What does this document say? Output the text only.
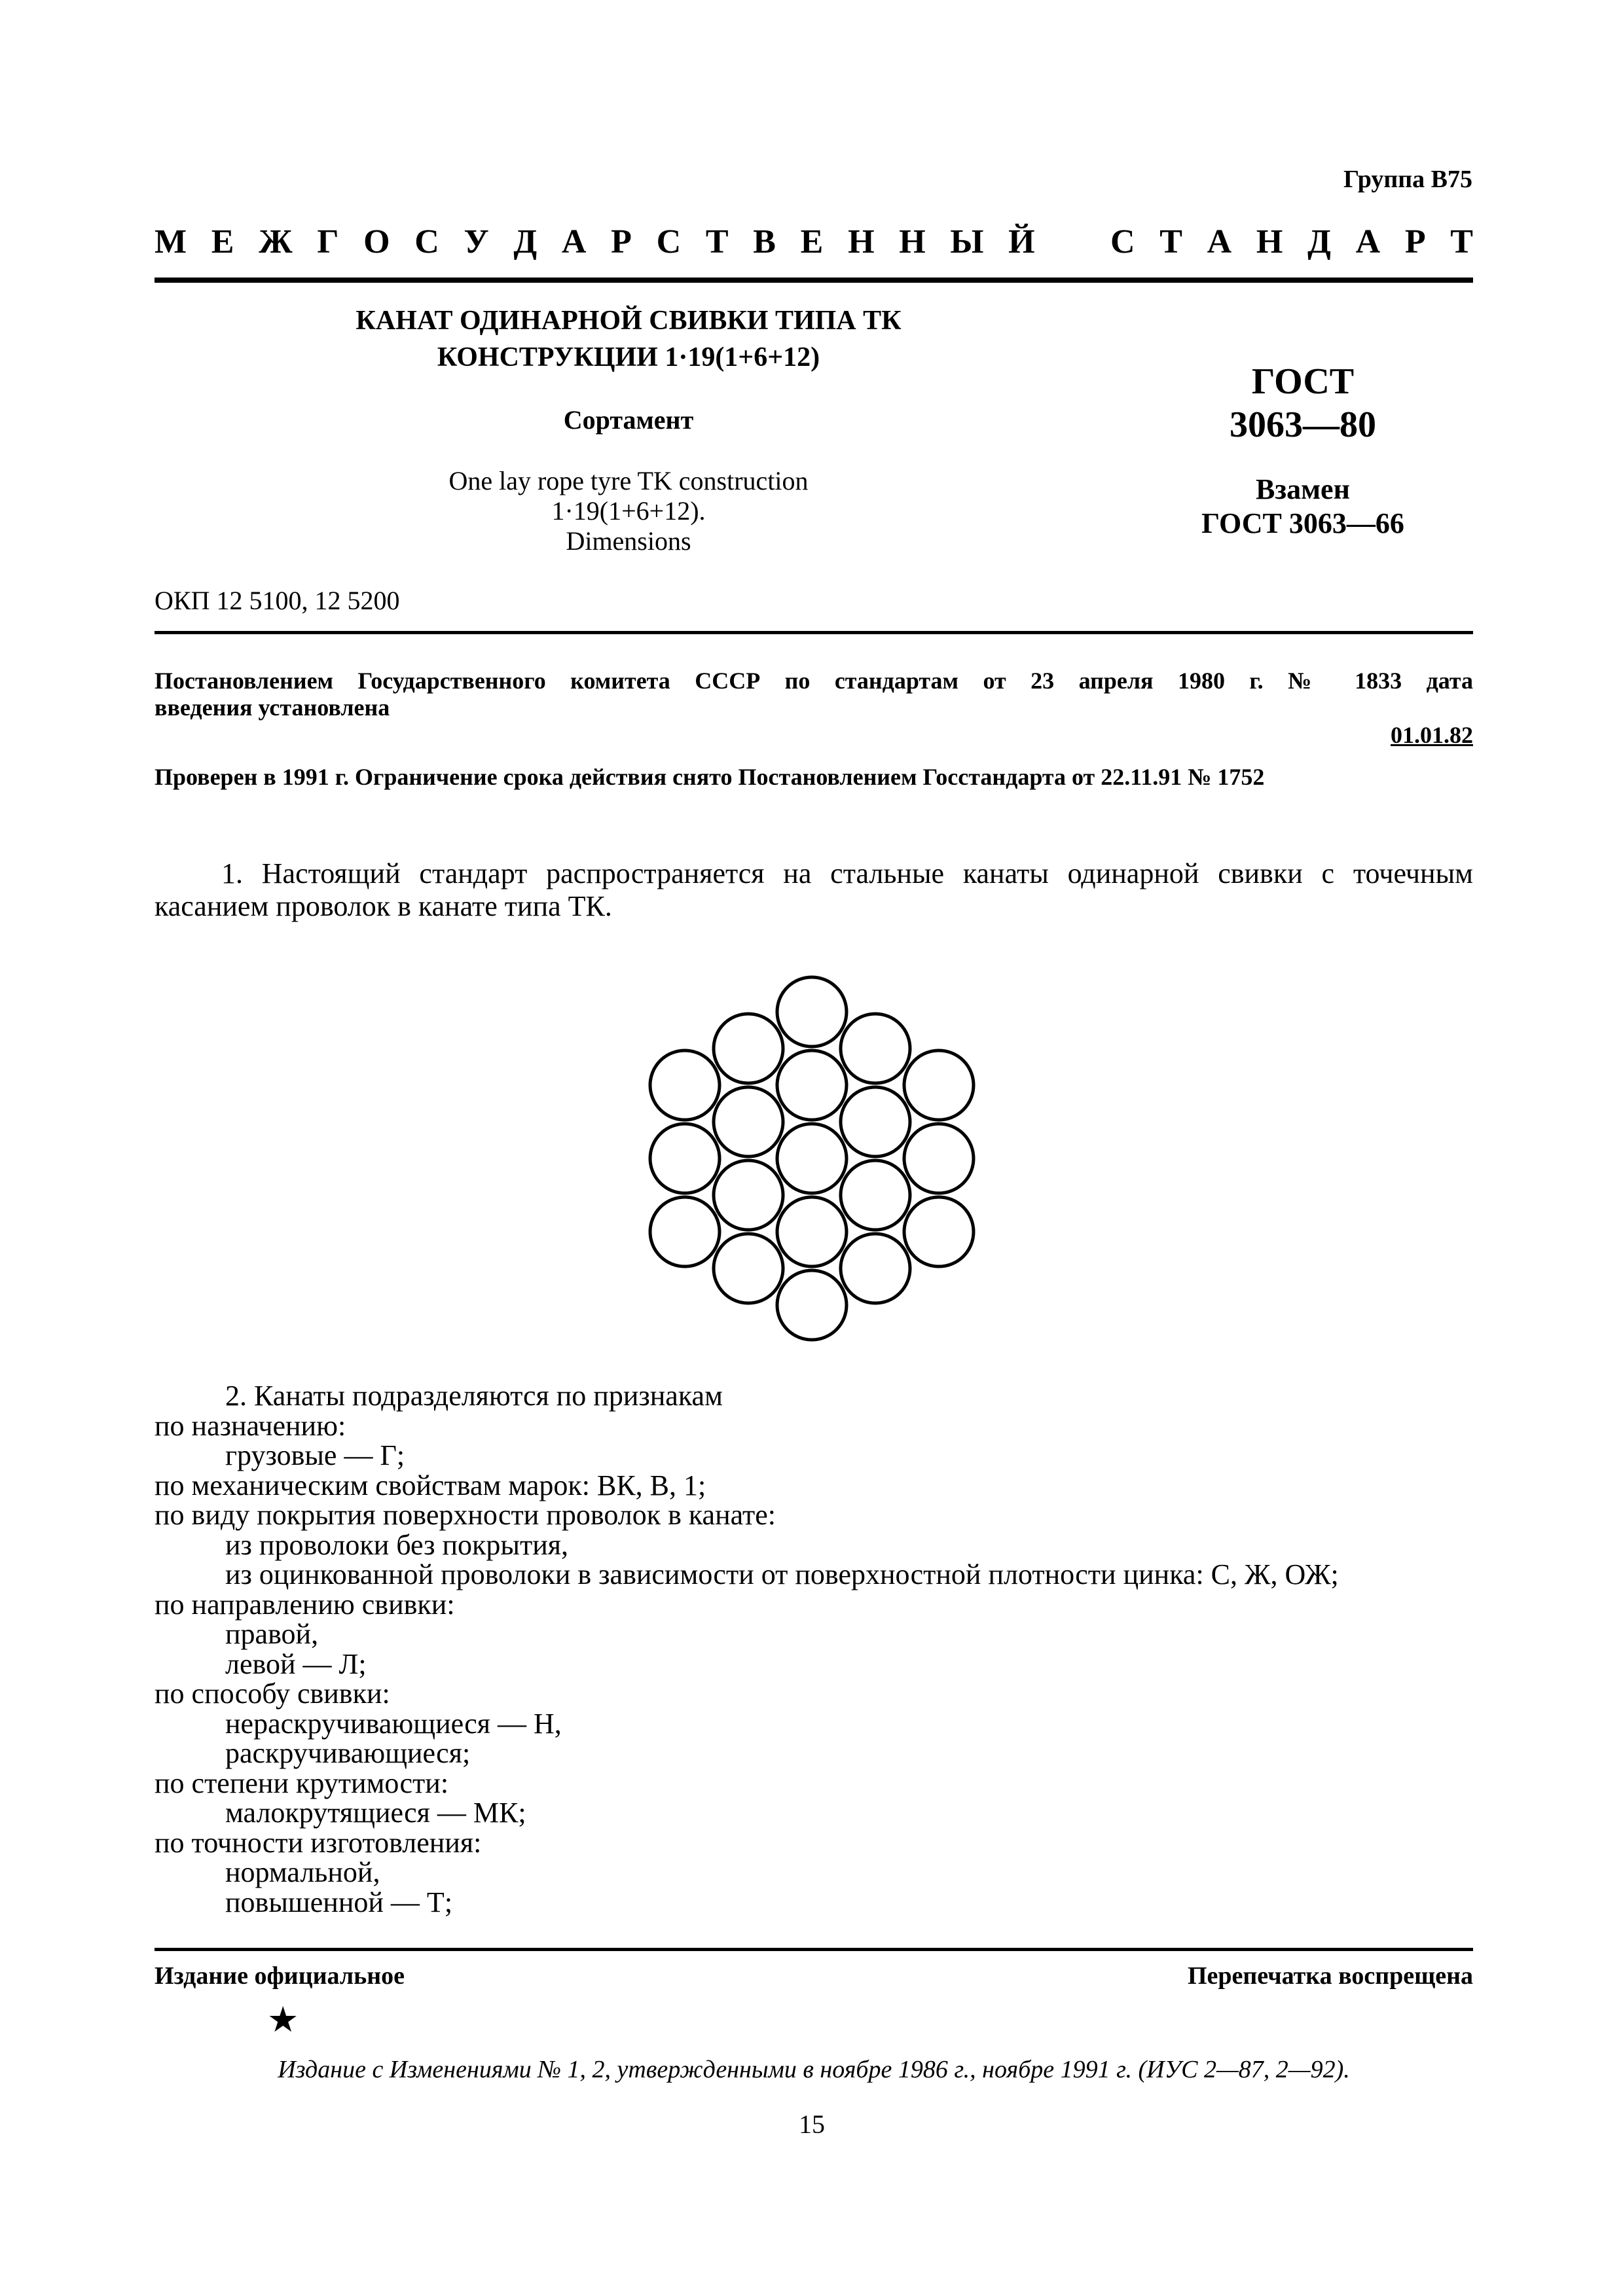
Группа В75
М Е Ж Г О С У Д А Р С Т В Е Н Н Ы Й С Т А Н Д А Р Т
КАНАТ ОДИНАРНОЙ СВИВКИ ТИПА ТК
КОНСТРУКЦИИ 1·19(1+6+12)
Сортамент
One lay rope tyre TK construction
1·19(1+6+12).
Dimensions
ГОСТ
3063—80
Взамен
ГОСТ 3063—66
ОКП 12 5100, 12 5200
Постановлением Государственного комитета СССР по стандартам от 23 апреля 1980 г. № 1833 дата
введения установлена
01.01.82
Проверен в 1991 г. Ограничение срока действия снято Постановлением Госстандарта от 22.11.91 № 1752
1. Настоящий стандарт распространяется на стальные канаты одинарной свивки с точечным касанием проволок в канате типа ТК.
2. Канаты подразделяются по признакам
по назначению:
грузовые — Г;
по механическим свойствам марок: ВК, В, 1;
по виду покрытия поверхности проволок в канате:
из проволоки без покрытия,
из оцинкованной проволоки в зависимости от поверхностной плотности цинка: С, Ж, ОЖ;
по направлению свивки:
правой,
левой — Л;
по способу свивки:
нераскручивающиеся — Н,
раскручивающиеся;
по степени крутимости:
малокрутящиеся — МК;
по точности изготовления:
нормальной,
повышенной — Т;
Издание официальное	Перепечатка воспрещена
★
Издание с Изменениями № 1, 2, утвержденными в ноябре 1986 г., ноябре 1991 г. (ИУС 2—87, 2—92).
15
